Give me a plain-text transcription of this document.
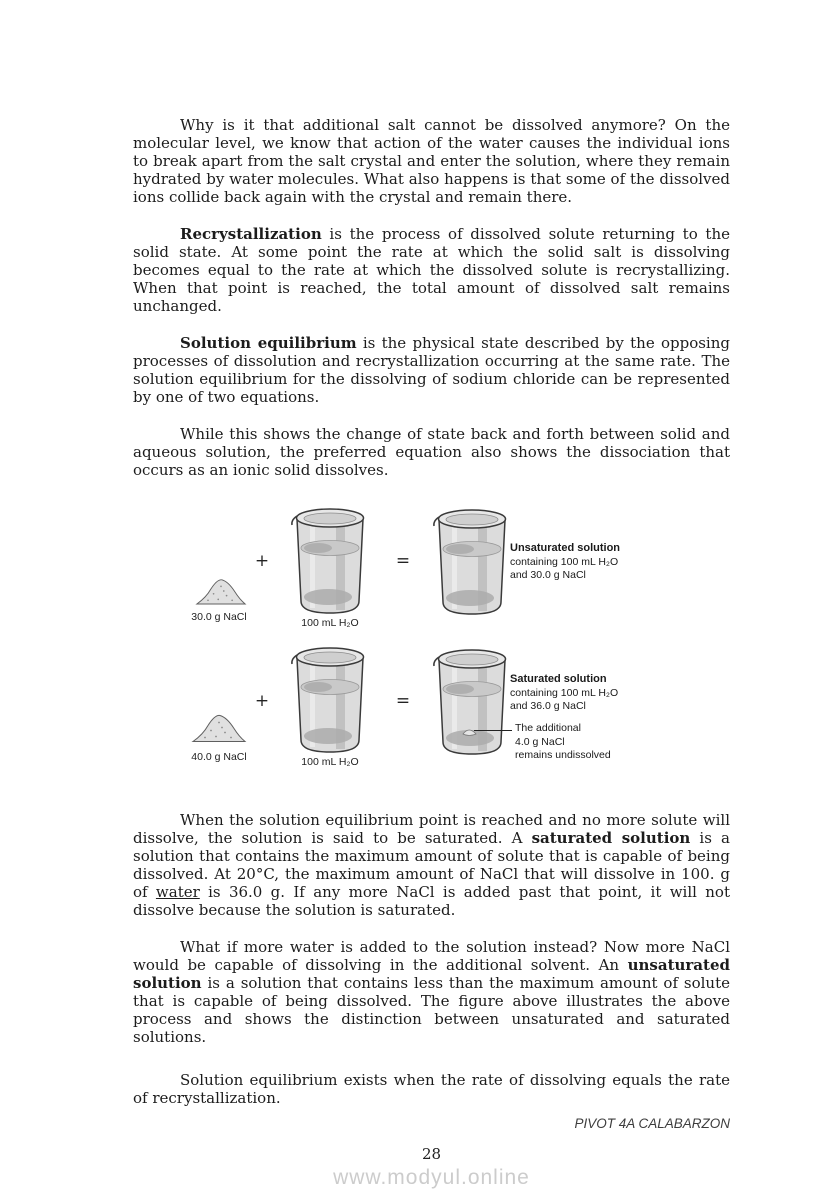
Why is it that additional salt cannot be dissolved anymore? On the molecular level, we know that action of the water causes the individual ions to break apart from the salt crystal and enter the solution, where they remain hydrated by water molecules. What also happens is that some of the dissolved ions collide back again with the crystal and remain there.

Recrystallization is the process of dissolved solute returning to the solid state. At some point the rate at which the solid salt is dissolving becomes equal to the rate at which the dissolved solute is recrystallizing. When that point is reached, the total amount of dissolved salt remains unchanged.

Solution equilibrium is the physical state described by the opposing processes of dissolution and recrystallization occurring at the same rate. The solution equilibrium for the dissolving of sodium chloride can be represented by one of two equations.

While this shows the change of state back and forth between solid and aqueous solution, the preferred equation also shows the dissociation that occurs as an ionic solid dissolves.

30.0 g NaCl
+
100 mL H₂O
=
Unsaturated solution
containing 100 mL H₂O
and 30.0 g NaCl
40.0 g NaCl
+
100 mL H₂O
=
Saturated solution
containing 100 mL H₂O
and 36.0 g NaCl
The additional
4.0 g NaCl
remains undissolved

When the solution equilibrium point is reached and no more solute will dissolve, the solution is said to be saturated. A saturated solution is a solution that contains the maximum amount of solute that is capable of being dissolved. At 20°C, the maximum amount of NaCl that will dissolve in 100. g of water is 36.0 g. If any more NaCl is added past that point, it will not dissolve because the solution is saturated.

What if more water is added to the solution instead? Now more NaCl would be capable of dissolving in the additional solvent. An unsaturated solution is a solution that contains less than the maximum amount of solute that is capable of being dissolved. The figure above illustrates the above process and shows the distinction between unsaturated and saturated solutions.

Solution equilibrium exists when the rate of dissolving equals the rate of recrystallization.

PIVOT 4A CALABARZON
28
www.modyul.online
